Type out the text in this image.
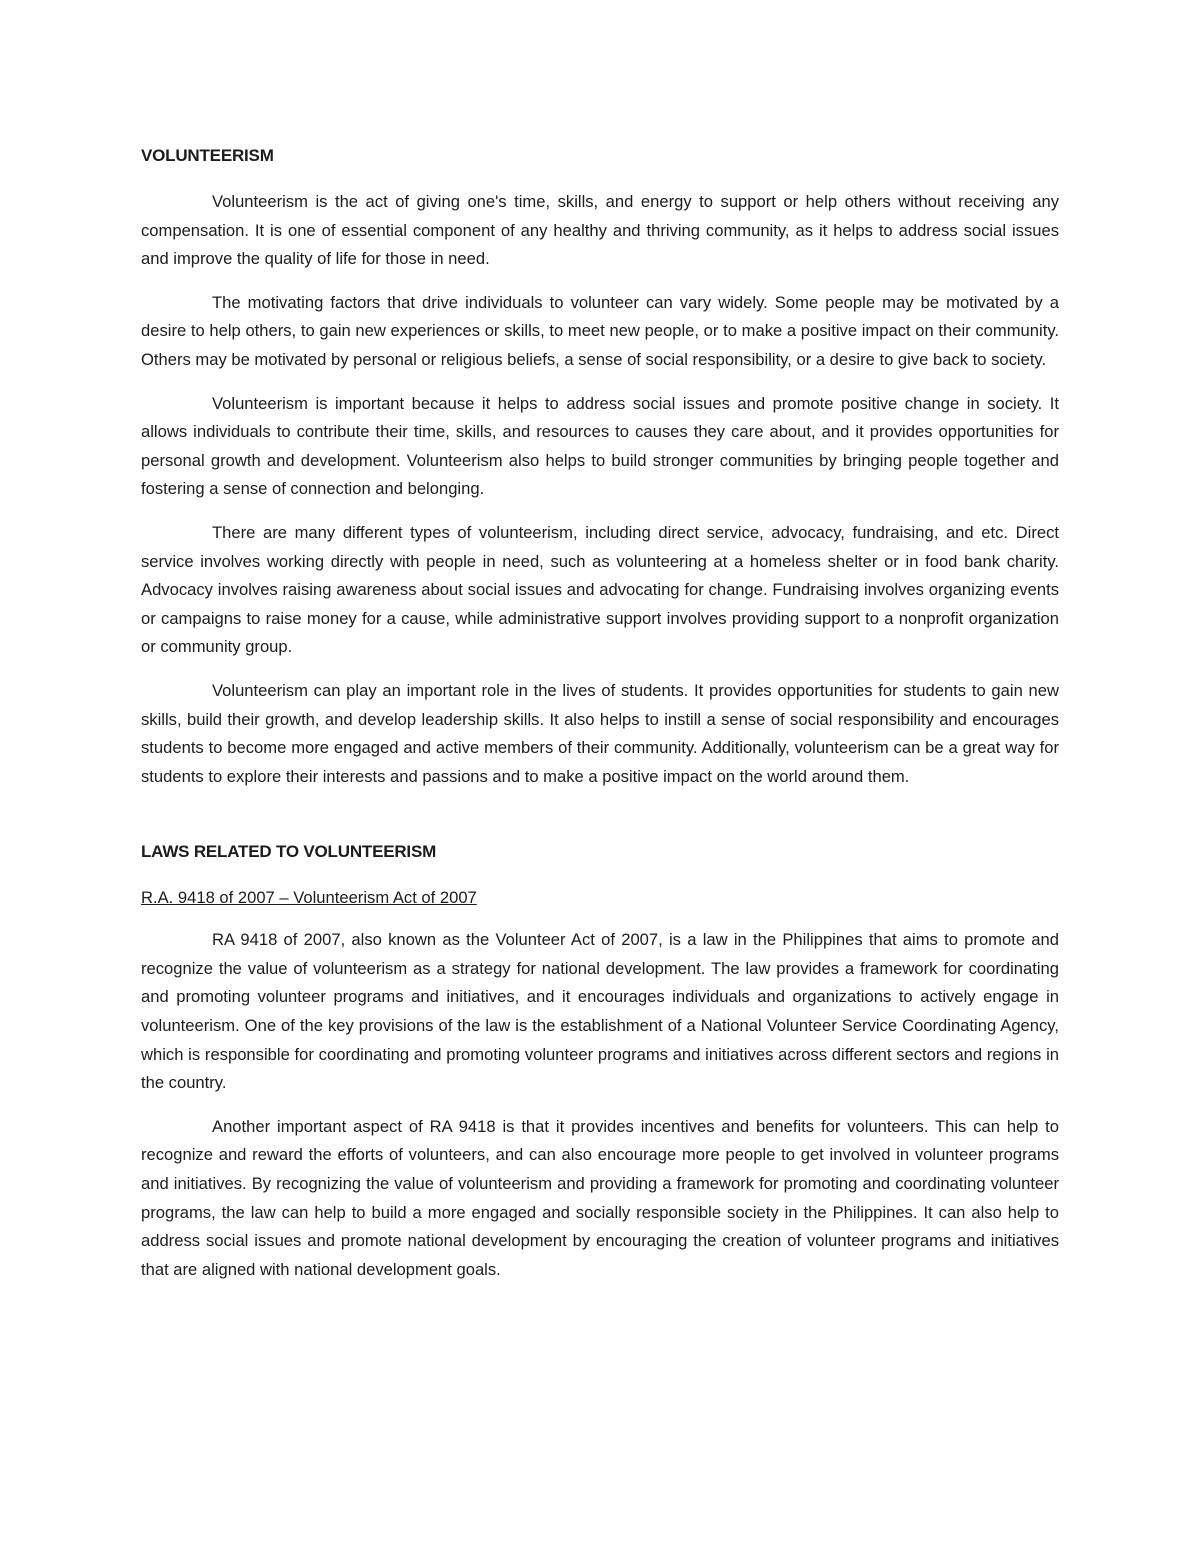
VOLUNTEERISM

Volunteerism is the act of giving one's time, skills, and energy to support or help others without receiving any compensation. It is one of essential component of any healthy and thriving community, as it helps to address social issues and improve the quality of life for those in need.

The motivating factors that drive individuals to volunteer can vary widely. Some people may be motivated by a desire to help others, to gain new experiences or skills, to meet new people, or to make a positive impact on their community. Others may be motivated by personal or religious beliefs, a sense of social responsibility, or a desire to give back to society.

Volunteerism is important because it helps to address social issues and promote positive change in society. It allows individuals to contribute their time, skills, and resources to causes they care about, and it provides opportunities for personal growth and development. Volunteerism also helps to build stronger communities by bringing people together and fostering a sense of connection and belonging.

There are many different types of volunteerism, including direct service, advocacy, fundraising, and etc. Direct service involves working directly with people in need, such as volunteering at a homeless shelter or in food bank charity. Advocacy involves raising awareness about social issues and advocating for change. Fundraising involves organizing events or campaigns to raise money for a cause, while administrative support involves providing support to a nonprofit organization or community group.

Volunteerism can play an important role in the lives of students. It provides opportunities for students to gain new skills, build their growth, and develop leadership skills. It also helps to instill a sense of social responsibility and encourages students to become more engaged and active members of their community. Additionally, volunteerism can be a great way for students to explore their interests and passions and to make a positive impact on the world around them.

LAWS RELATED TO VOLUNTEERISM
R.A. 9418 of 2007 – Volunteerism Act of 2007

RA 9418 of 2007, also known as the Volunteer Act of 2007, is a law in the Philippines that aims to promote and recognize the value of volunteerism as a strategy for national development. The law provides a framework for coordinating and promoting volunteer programs and initiatives, and it encourages individuals and organizations to actively engage in volunteerism. One of the key provisions of the law is the establishment of a National Volunteer Service Coordinating Agency, which is responsible for coordinating and promoting volunteer programs and initiatives across different sectors and regions in the country.

Another important aspect of RA 9418 is that it provides incentives and benefits for volunteers. This can help to recognize and reward the efforts of volunteers, and can also encourage more people to get involved in volunteer programs and initiatives. By recognizing the value of volunteerism and providing a framework for promoting and coordinating volunteer programs, the law can help to build a more engaged and socially responsible society in the Philippines. It can also help to address social issues and promote national development by encouraging the creation of volunteer programs and initiatives that are aligned with national development goals.
